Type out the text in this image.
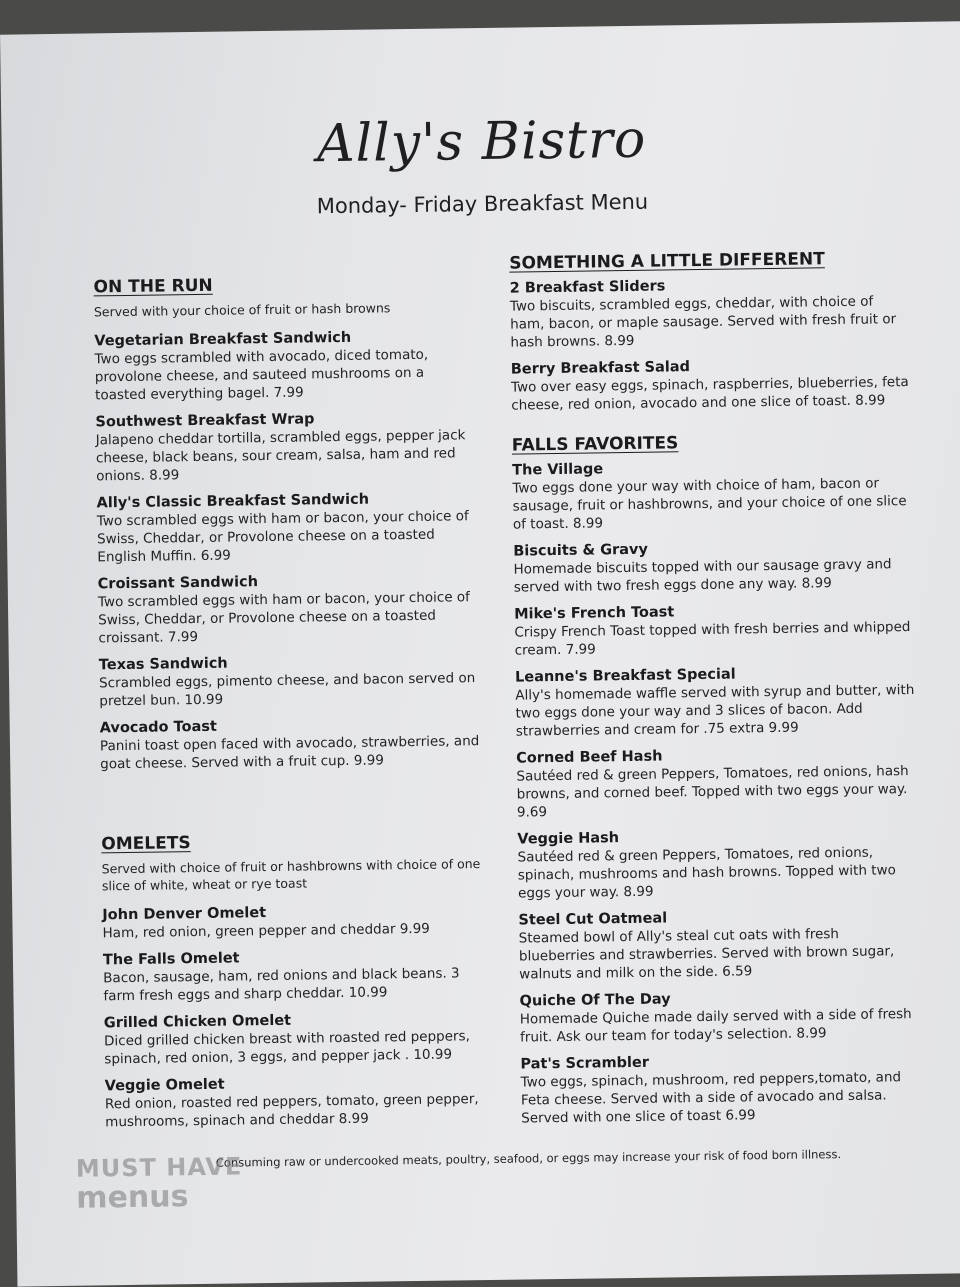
Ally's Bistro
Monday- Friday Breakfast Menu
ON THE RUN
Served with your choice of fruit or hash browns
Vegetarian Breakfast Sandwich
Two eggs scrambled with avocado, diced tomato, provolone cheese, and sauteed mushrooms on a toasted everything bagel. 7.99
Southwest Breakfast Wrap
Jalapeno cheddar tortilla, scrambled eggs, pepper jack cheese, black beans, sour cream, salsa, ham and red onions. 8.99
Ally's Classic Breakfast Sandwich
Two scrambled eggs with ham or bacon, your choice of Swiss, Cheddar, or Provolone cheese on a toasted English Muffin. 6.99
Croissant Sandwich
Two scrambled eggs with ham or bacon, your choice of Swiss, Cheddar, or Provolone cheese on a toasted croissant. 7.99
Texas Sandwich
Scrambled eggs, pimento cheese, and bacon served on pretzel bun. 10.99
Avocado Toast
Panini toast open faced with avocado, strawberries, and goat cheese. Served with a fruit cup. 9.99
OMELETS
Served with choice of fruit or hashbrowns with choice of one slice of white, wheat or rye toast
John Denver Omelet
Ham, red onion, green pepper and cheddar 9.99
The Falls Omelet
Bacon, sausage, ham, red onions and black beans. 3 farm fresh eggs and sharp cheddar. 10.99
Grilled Chicken Omelet
Diced grilled chicken breast with roasted red peppers, spinach, red onion, 3 eggs, and pepper jack . 10.99
Veggie Omelet
Red onion, roasted red peppers, tomato, green pepper, mushrooms, spinach and cheddar 8.99
SOMETHING A LITTLE DIFFERENT
2 Breakfast Sliders
Two biscuits, scrambled eggs, cheddar, with choice of ham, bacon, or maple sausage. Served with fresh fruit or hash browns. 8.99
Berry Breakfast Salad
Two over easy eggs, spinach, raspberries, blueberries, feta cheese, red onion, avocado and one slice of toast. 8.99
FALLS FAVORITES
The Village
Two eggs done your way with choice of ham, bacon or sausage, fruit or hashbrowns, and your choice of one slice of toast. 8.99
Biscuits & Gravy
Homemade biscuits topped with our sausage gravy and served with two fresh eggs done any way. 8.99
Mike's French Toast
Crispy French Toast topped with fresh berries and whipped cream. 7.99
Leanne's Breakfast Special
Ally's homemade waffle served with syrup and butter, with two eggs done your way and 3 slices of bacon. Add strawberries and cream for .75 extra 9.99
Corned Beef Hash
Sautéed red & green Peppers, Tomatoes, red onions, hash browns, and corned beef. Topped with two eggs your way. 9.69
Veggie Hash
Sautéed red & green Peppers, Tomatoes, red onions, spinach, mushrooms and hash browns. Topped with two eggs your way. 8.99
Steel Cut Oatmeal
Steamed bowl of Ally's steal cut oats with fresh blueberries and strawberries. Served with brown sugar, walnuts and milk on the side. 6.59
Quiche Of The Day
Homemade Quiche made daily served with a side of fresh fruit. Ask our team for today's selection. 8.99
Pat's Scrambler
Two eggs, spinach, mushroom, red peppers,tomato, and Feta cheese. Served with a side of avocado and salsa. Served with one slice of toast 6.99
Consuming raw or undercooked meats, poultry, seafood, or eggs may increase your risk of food born illness.
MUST HAVE
menus
